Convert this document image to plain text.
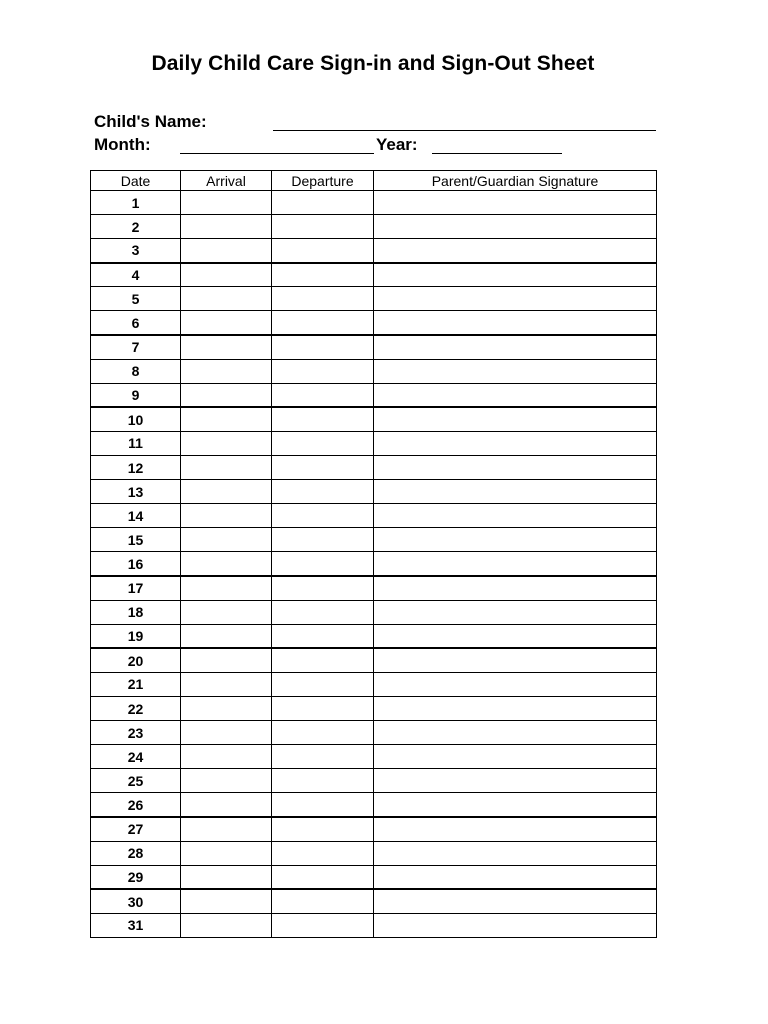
Daily Child Care Sign-in and Sign-Out Sheet
Child's Name:
Month:	Year:
Date	Arrival	Departure	Parent/Guardian Signature
1			
2			
3			
4			
5			
6			
7			
8			
9			
10			
11			
12			
13			
14			
15			
16			
17			
18			
19			
20			
21			
22			
23			
24			
25			
26			
27			
28			
29			
30			
31			
